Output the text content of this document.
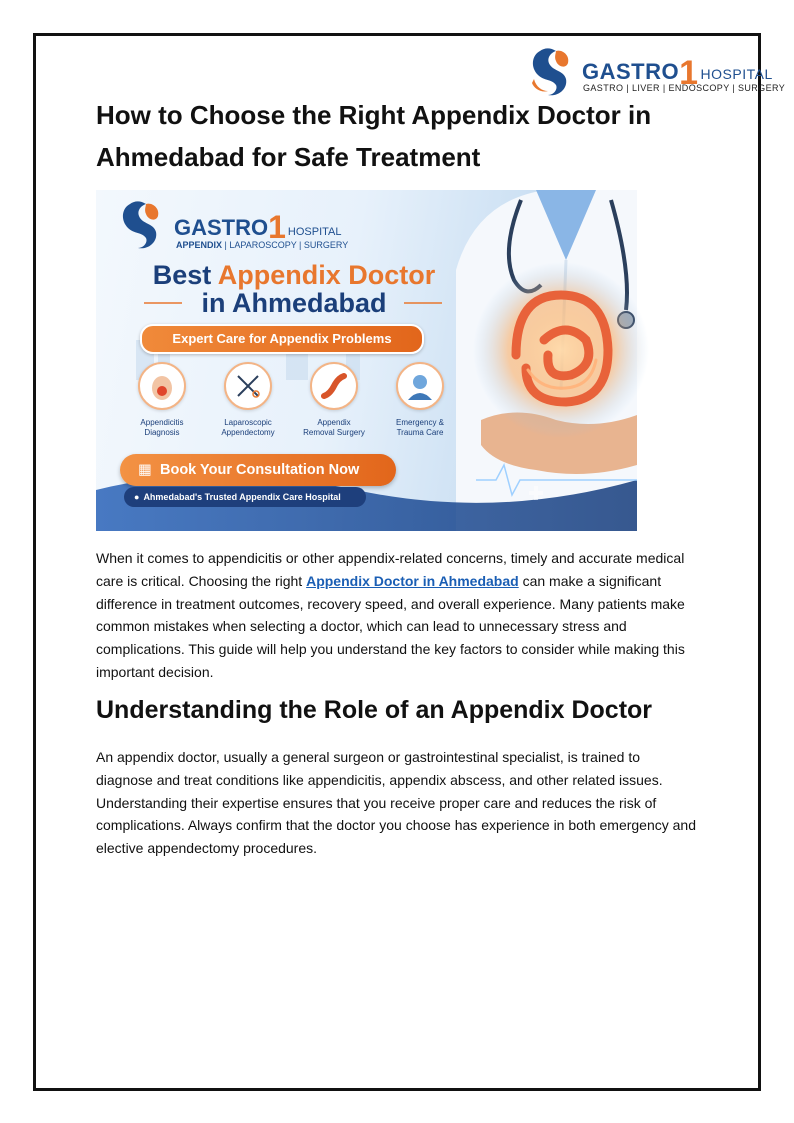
GASTRO1 HOSPITAL
GASTRO | LIVER | ENDOSCOPY | SURGERY
How to Choose the Right Appendix Doctor in Ahmedabad for Safe Treatment
GASTRO1 HOSPITAL
APPENDIX | LAPAROSCOPY | SURGERY
Best Appendix Doctor
in Ahmedabad
Expert Care for Appendix Problems
Appendicitis
Diagnosis
Laparoscopic
Appendectomy
Appendix
Removal Surgery
Emergency &
Trauma Care
▦ Book Your Consultation Now
● Ahmedabad's Trusted Appendix Care Hospital

When it comes to appendicitis or other appendix-related concerns, timely and accurate medical care is critical. Choosing the right Appendix Doctor in Ahmedabad can make a significant difference in treatment outcomes, recovery speed, and overall experience. Many patients make common mistakes when selecting a doctor, which can lead to unnecessary stress and complications. This guide will help you understand the key factors to consider while making this important decision.

Understanding the Role of an Appendix Doctor

An appendix doctor, usually a general surgeon or gastrointestinal specialist, is trained to diagnose and treat conditions like appendicitis, appendix abscess, and other related issues. Understanding their expertise ensures that you receive proper care and reduces the risk of complications. Always confirm that the doctor you choose has experience in both emergency and elective appendectomy procedures.
